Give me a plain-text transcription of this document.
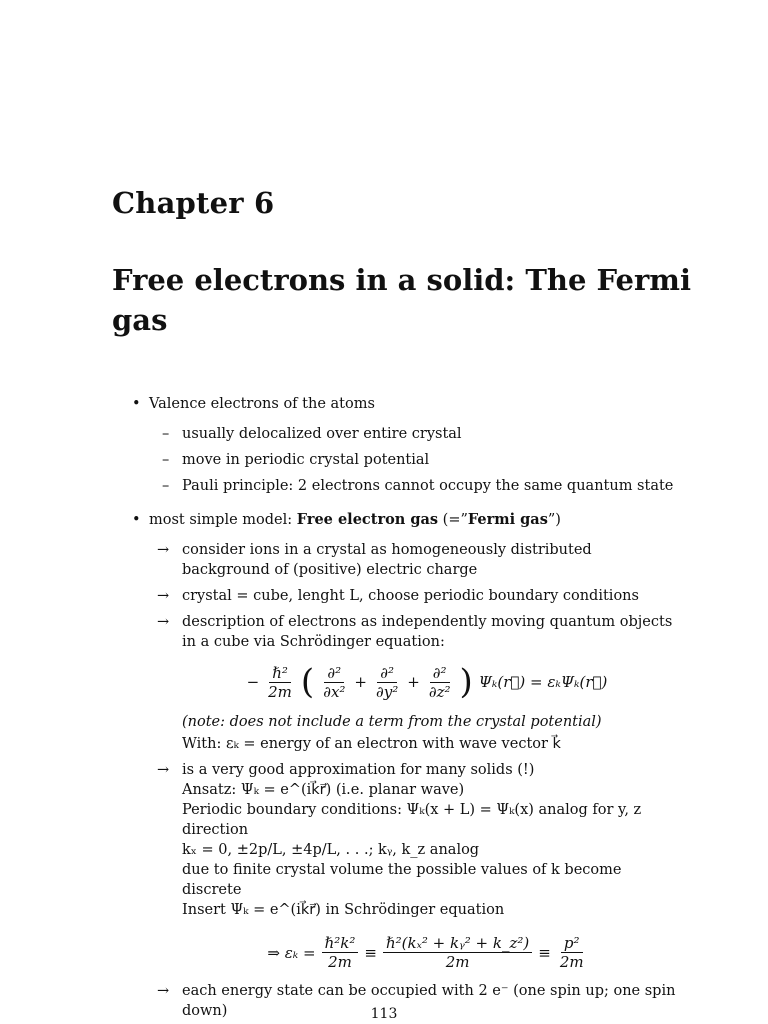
Chapter 6
Free electrons in a solid: The Fermi gas
• Valence electrons of the atoms
– usually delocalized over entire crystal
– move in periodic crystal potential
– Pauli principle: 2 electrons cannot occupy the same quantum state
• most simple model: Free electron gas (=”Fermi gas”)
→ consider ions in a crystal as homogeneously distributed background of (positive) electric charge
→ crystal = cube, lenght L, choose periodic boundary conditions
→ description of electrons as independently moving quantum objects in a cube via Schrödinger equation:
− $\frac{\text{ℏ²}}{2m}$ ( $\frac{\text{∂²}}{\text{∂x²}} + \frac{\text{∂²}}{\text{∂y²}} + \frac{\text{∂²}}{\text{∂z²}}$ ) Ψₖ(r⃗) = εₖΨₖ(r⃗)
(note: does not include a term from the crystal potential)
With: εₖ = energy of an electron with wave vector k⃗
→ is a very good approximation for many solids (!)
Ansatz: Ψₖ = e^(ik⃗r⃗) (i.e. planar wave)
Periodic boundary conditions: Ψₖ(x + L) = Ψₖ(x) analog for y, z direction
kₓ = 0, ±2p/L, ±4p/L, . . .; kᵧ, k_z analog
due to finite crystal volume the possible values of k become discrete
Insert Ψₖ = e^(ik⃗r⃗) in Schrödinger equation
⇒ $\varepsilon_k = \frac{\text{ℏ²k²}}{2m} \equiv \frac{\text{ℏ²(kₓ² + kᵧ² + k\_z²)}}{2m} \equiv \frac{\text{p²}}{2m}$
→ each energy state can be occupied with 2 e⁻ (one spin up; one spin down)	113
